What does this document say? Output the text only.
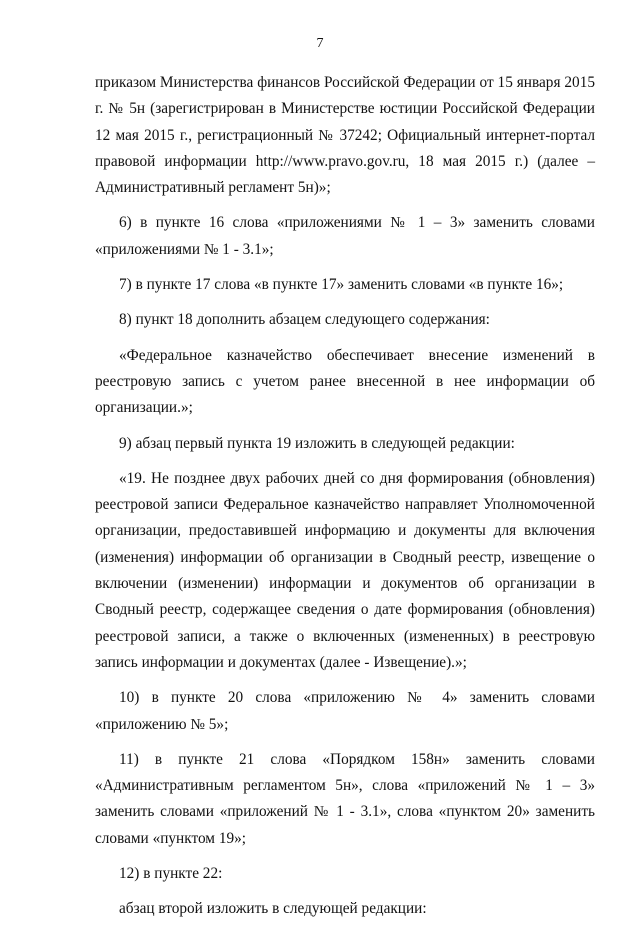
7

приказом Министерства финансов Российской Федерации от 15 января 2015 г. № 5н (зарегистрирован в Министерстве юстиции Российской Федерации 12 мая 2015 г., регистрационный № 37242; Официальный интернет-портал правовой информации http://www.pravo.gov.ru, 18 мая 2015 г.) (далее – Административный регламент 5н)»;

6) в пункте 16 слова «приложениями № 1 – 3» заменить словами «приложениями № 1 - 3.1»;

7) в пункте 17 слова «в пункте 17» заменить словами «в пункте 16»;

8) пункт 18 дополнить абзацем следующего содержания:

«Федеральное казначейство обеспечивает внесение изменений в реестровую запись с учетом ранее внесенной в нее информации об организации.»;

9) абзац первый пункта 19 изложить в следующей редакции:

«19. Не позднее двух рабочих дней со дня формирования (обновления) реестровой записи Федеральное казначейство направляет Уполномоченной организации, предоставившей информацию и документы для включения (изменения) информации об организации в Сводный реестр, извещение о включении (изменении) информации и документов об организации в Сводный реестр, содержащее сведения о дате формирования (обновления) реестровой записи, а также о включенных (измененных) в реестровую запись информации и документах (далее - Извещение).»;

10) в пункте 20 слова «приложению № 4» заменить словами «приложению № 5»;

11) в пункте 21 слова «Порядком 158н» заменить словами «Административным регламентом 5н», слова «приложений № 1 – 3» заменить словами «приложений № 1 - 3.1», слова «пунктом 20» заменить словами «пунктом 19»;

12) в пункте 22:

абзац второй изложить в следующей редакции:
